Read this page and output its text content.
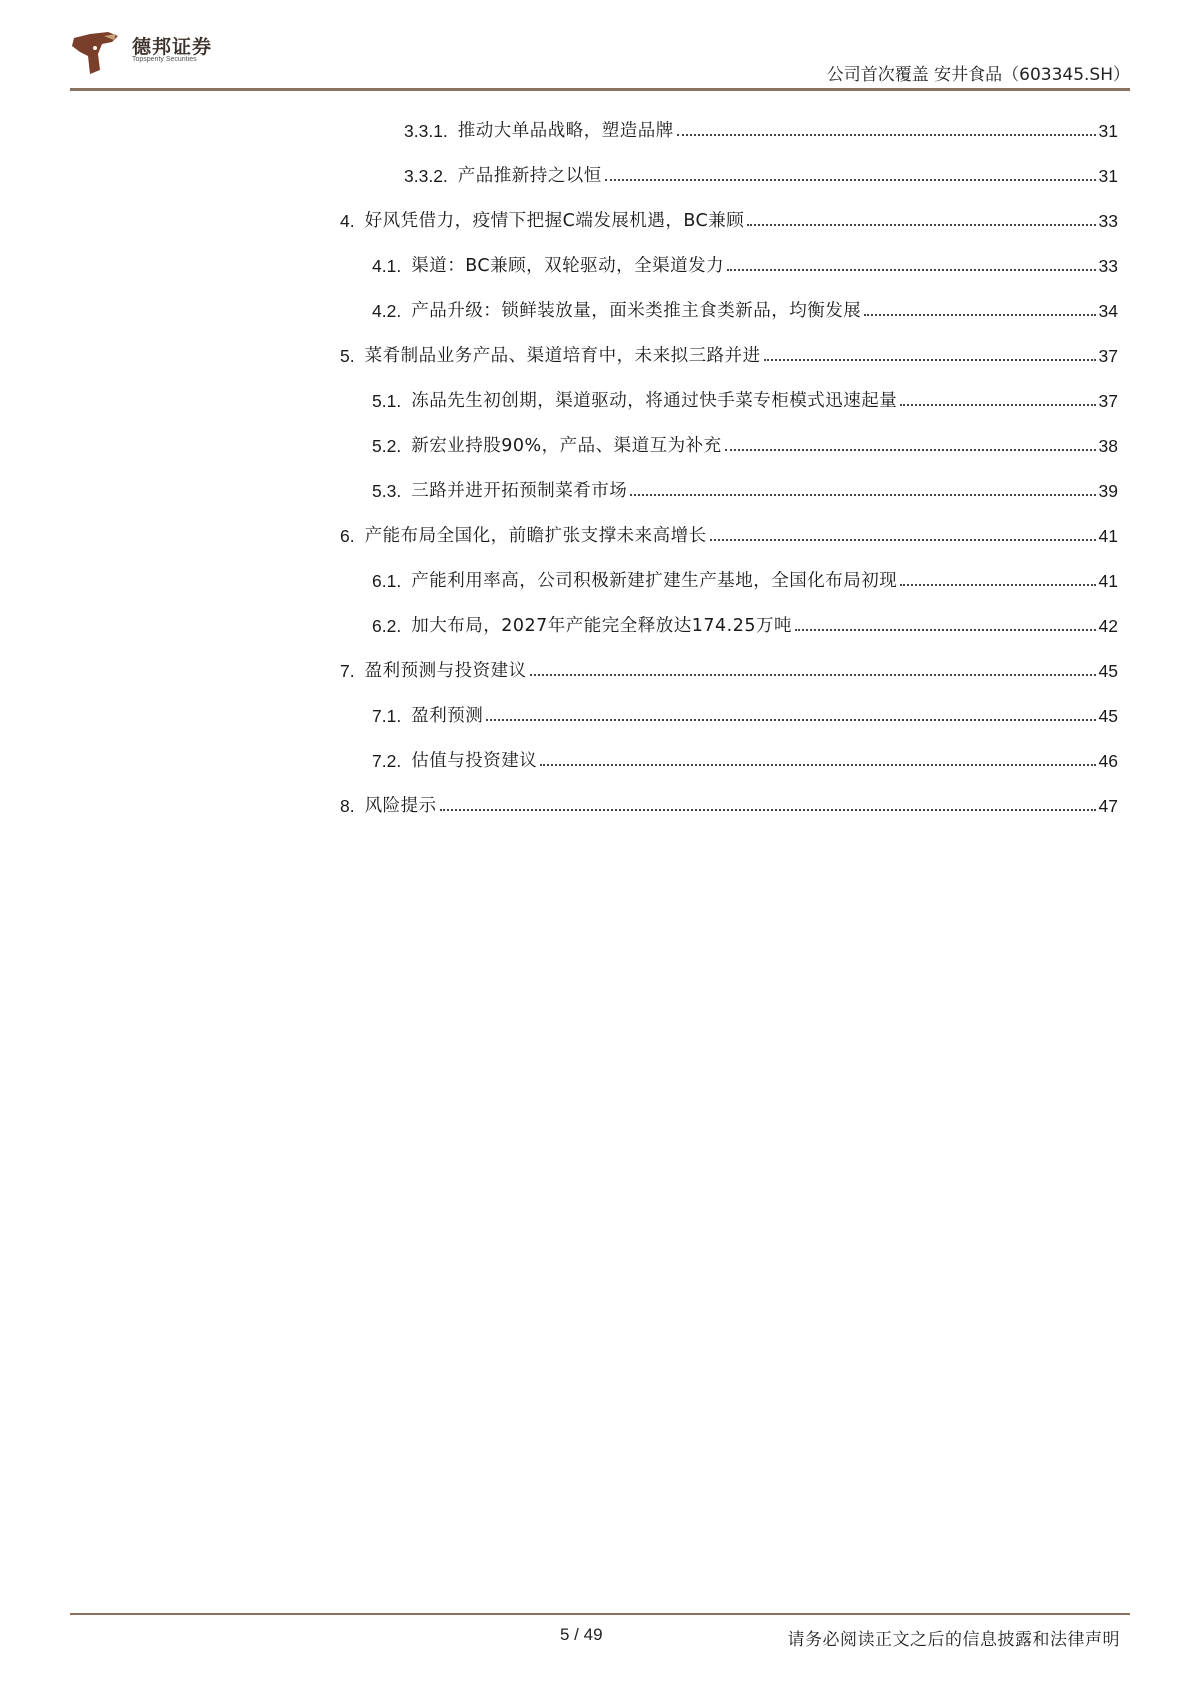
德邦证券
Topsperity Securities
公司首次覆盖 安井食品（603345.SH）
3.3.1. 推动大单品战略，塑造品牌	31
3.3.2. 产品推新持之以恒	31
4. 好风凭借力，疫情下把握C端发展机遇，BC兼顾	33
4.1. 渠道：BC兼顾，双轮驱动，全渠道发力	33
4.2. 产品升级：锁鲜装放量，面米类推主食类新品，均衡发展	34
5. 菜肴制品业务产品、渠道培育中，未来拟三路并进	37
5.1. 冻品先生初创期，渠道驱动，将通过快手菜专柜模式迅速起量	37
5.2. 新宏业持股90%，产品、渠道互为补充	38
5.3. 三路并进开拓预制菜肴市场	39
6. 产能布局全国化，前瞻扩张支撑未来高增长	41
6.1. 产能利用率高，公司积极新建扩建生产基地，全国化布局初现	41
6.2. 加大布局，2027年产能完全释放达174.25万吨	42
7. 盈利预测与投资建议	45
7.1. 盈利预测	45
7.2. 估值与投资建议	46
8. 风险提示	47
5 / 49	请务必阅读正文之后的信息披露和法律声明
